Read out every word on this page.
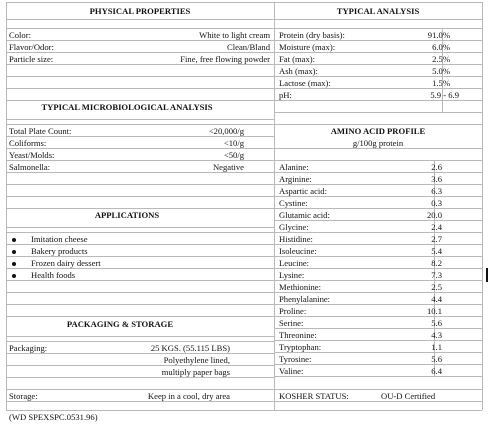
PHYSICAL PROPERTIES
Color:	White to light cream
Flavor/Odor:	Clean/Bland
Particle size:	Fine, free flowing powder
TYPICAL MICROBIOLOGICAL ANALYSIS
Total Plate Count:	<20,000/g
Coliforms:	<10/g
Yeast/Molds:	<50/g
Salmonella:	Negative
APPLICATIONS
Imitation cheese
Bakery products
Frozen dairy dessert
Health foods
PACKAGING & STORAGE
Packaging:	25 KGS. (55.115 LBS)
Polyethylene lined,
multiply paper bags
Storage:	Keep in a cool, dry area
TYPICAL ANALYSIS
Protein (dry basis):	91.0%
Moisture (max):	6.0%
Fat (max):	2.5%
Ash (max):	5.0%
Lactose (max):	1.5%
pH:	5.9 - 6.9
AMINO ACID PROFILE
g/100g protein
Alanine:	2.6
Arginine:	3.6
Aspartic acid:	6.3
Cystine:	0.3
Glutamic acid:	20.0
Glycine:	2.4
Histidine:	2.7
Isoleucine:	5.4
Leucine:	8.2
Lysine:	7.3
Methionine:	2.5
Phenylalanine:	4.4
Proline:	10.1
Serine:	5.6
Threonine:	4.3
Tryptophan:	1.1
Tyrosine:	5.6
Valine:	6.4
KOSHER STATUS:	OU-D Certified
(WD SPEXSPC.0531.96)
